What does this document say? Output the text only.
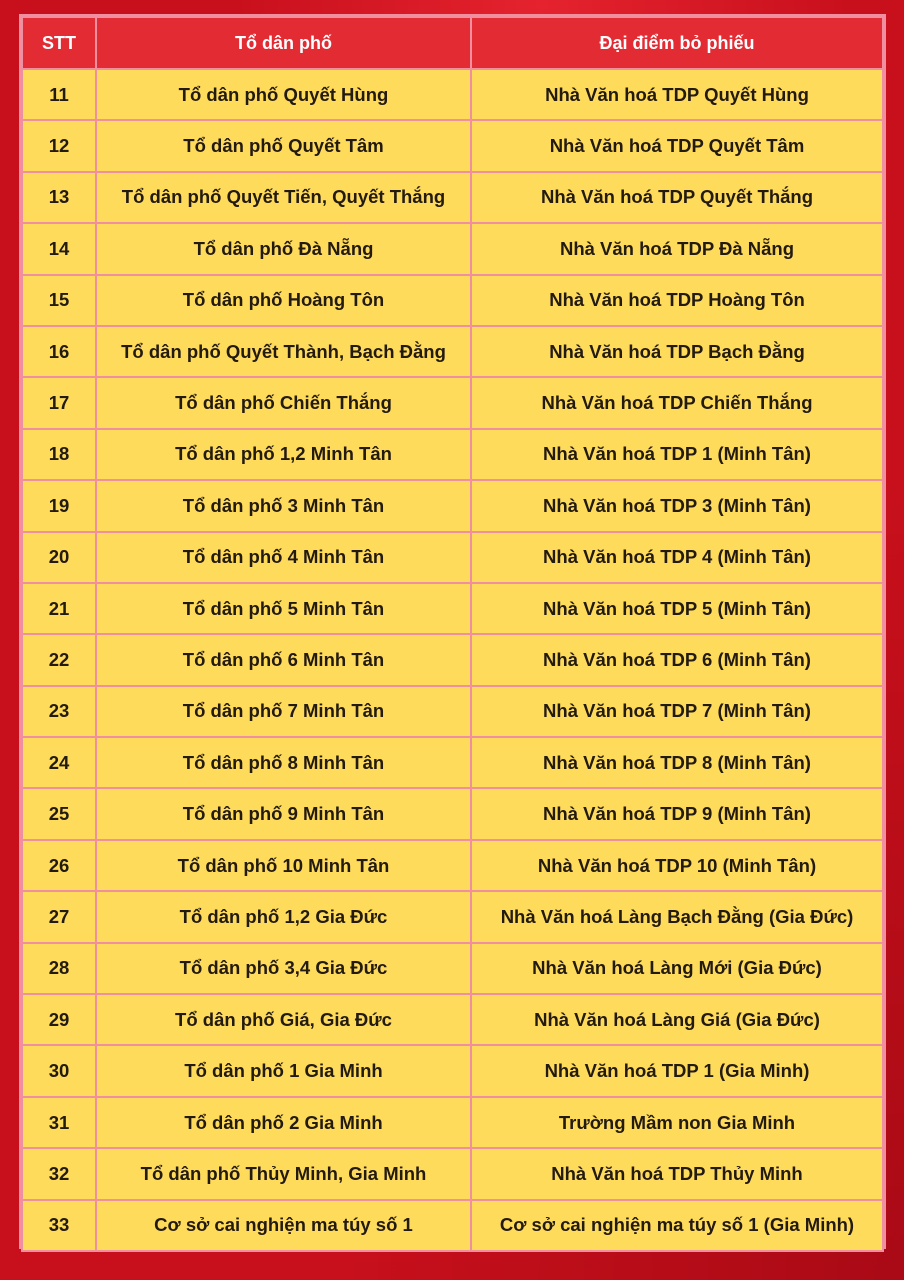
STT	Tổ dân phố	Đại điểm bỏ phiếu
11	Tổ dân phố Quyết Hùng	Nhà Văn hoá TDP Quyết Hùng
12	Tổ dân phố Quyết Tâm	Nhà Văn hoá TDP Quyết Tâm
13	Tổ dân phố Quyết Tiến, Quyết Thắng	Nhà Văn hoá TDP Quyết Thắng
14	Tổ dân phố Đà Nẵng	Nhà Văn hoá TDP Đà Nẵng
15	Tổ dân phố Hoàng Tôn	Nhà Văn hoá TDP Hoàng Tôn
16	Tổ dân phố Quyết Thành, Bạch Đằng	Nhà Văn hoá TDP Bạch Đằng
17	Tổ dân phố Chiến Thắng	Nhà Văn hoá TDP Chiến Thắng
18	Tổ dân phố 1,2 Minh Tân	Nhà Văn hoá TDP 1 (Minh Tân)
19	Tổ dân phố 3 Minh Tân	Nhà Văn hoá TDP 3 (Minh Tân)
20	Tổ dân phố 4 Minh Tân	Nhà Văn hoá TDP 4 (Minh Tân)
21	Tổ dân phố 5 Minh Tân	Nhà Văn hoá TDP 5 (Minh Tân)
22	Tổ dân phố 6 Minh Tân	Nhà Văn hoá TDP 6 (Minh Tân)
23	Tổ dân phố 7 Minh Tân	Nhà Văn hoá TDP 7 (Minh Tân)
24	Tổ dân phố 8 Minh Tân	Nhà Văn hoá TDP 8 (Minh Tân)
25	Tổ dân phố 9 Minh Tân	Nhà Văn hoá TDP 9 (Minh Tân)
26	Tổ dân phố 10 Minh Tân	Nhà Văn hoá TDP 10 (Minh Tân)
27	Tổ dân phố 1,2 Gia Đức	Nhà Văn hoá Làng Bạch Đằng (Gia Đức)
28	Tổ dân phố 3,4 Gia Đức	Nhà Văn hoá Làng Mới (Gia Đức)
29	Tổ dân phố Giá, Gia Đức	Nhà Văn hoá Làng Giá (Gia Đức)
30	Tổ dân phố 1 Gia Minh	Nhà Văn hoá TDP 1 (Gia Minh)
31	Tổ dân phố 2 Gia Minh	Trường Mầm non Gia Minh
32	Tổ dân phố Thủy Minh, Gia Minh	Nhà Văn hoá TDP Thủy Minh
33	Cơ sở cai nghiện ma túy số 1	Cơ sở cai nghiện ma túy số 1 (Gia Minh)
